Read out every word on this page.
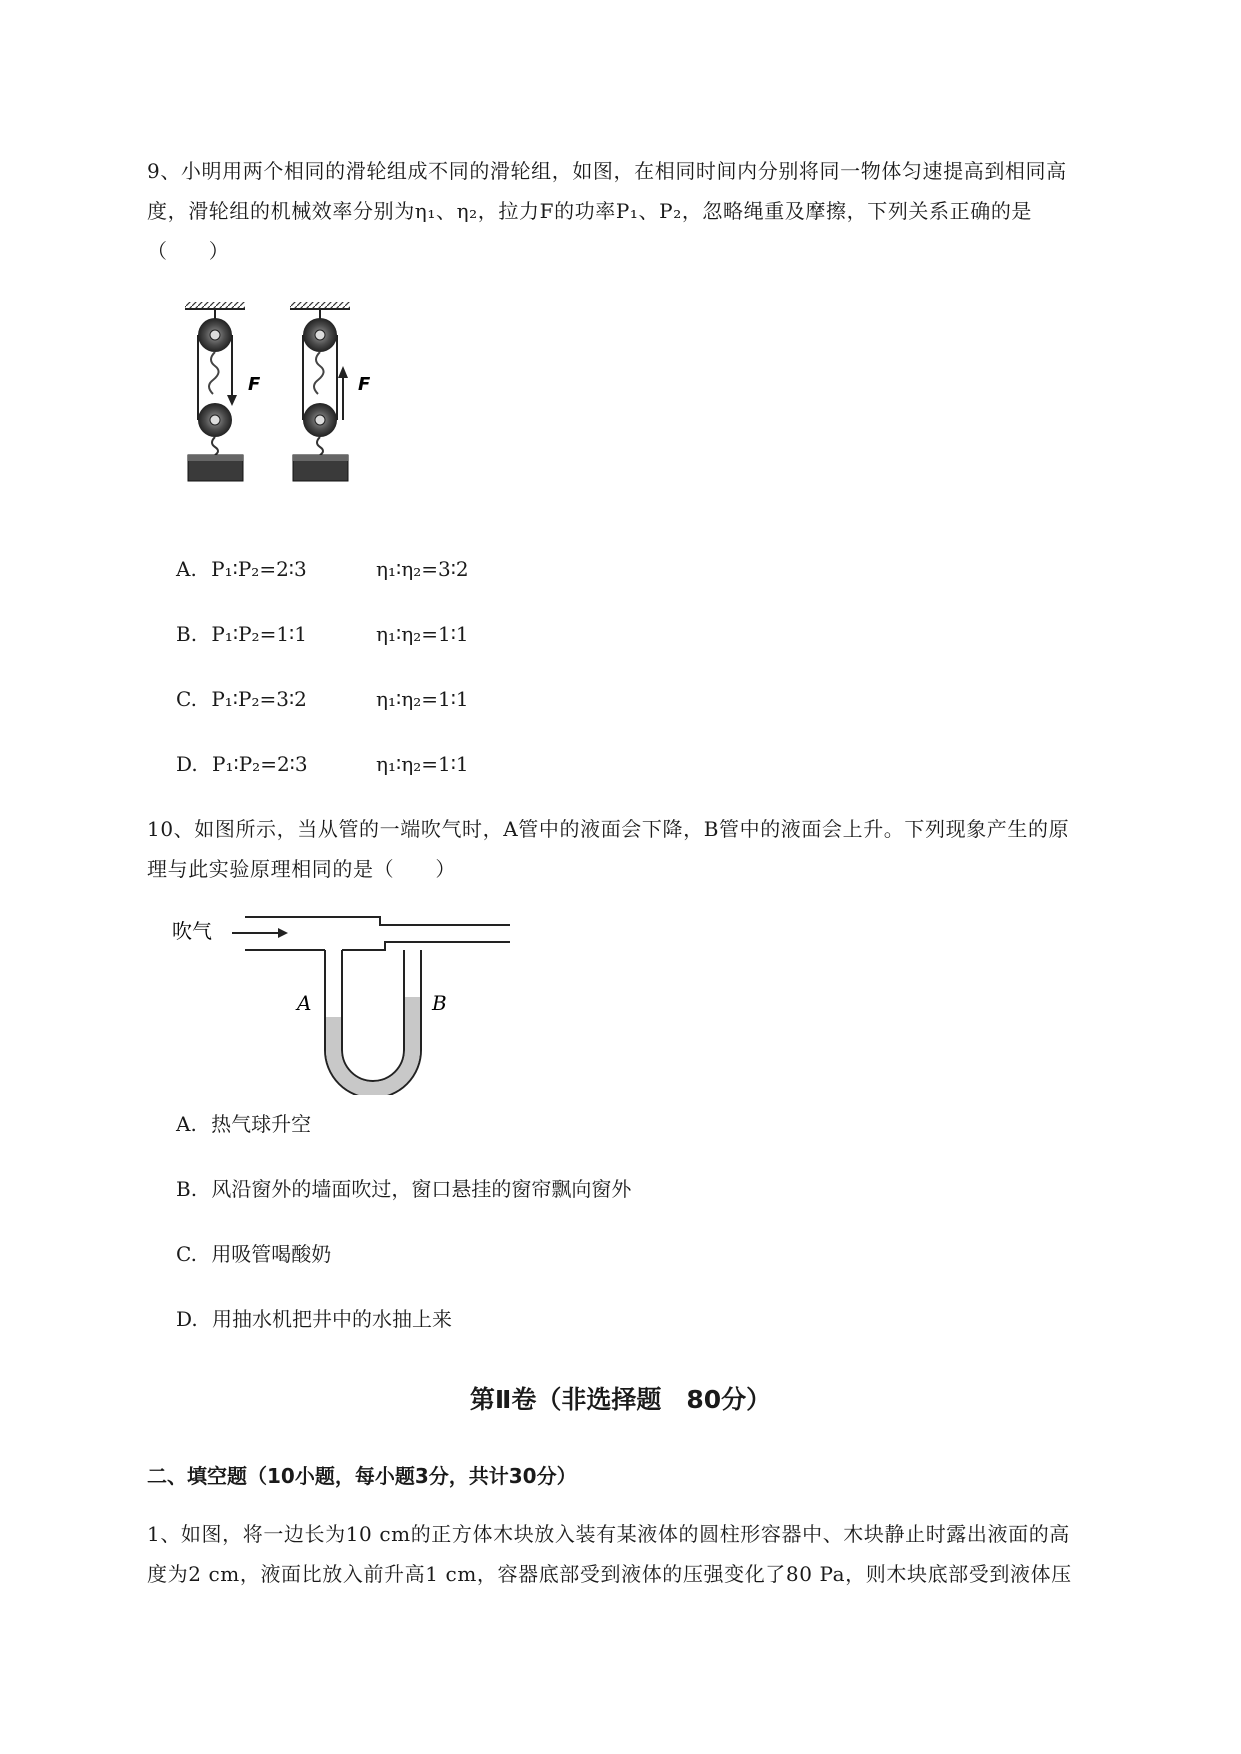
9、小明用两个相同的滑轮组成不同的滑轮组，如图，在相同时间内分别将同一物体匀速提高到相同高
度，滑轮组的机械效率分别为η₁、η₂，拉力F的功率P₁、P₂，忽略绳重及摩擦，下列关系正确的是
（　　）
F	F
A. P₁∶P₂=2∶3	η₁∶η₂=3∶2
B. P₁∶P₂=1∶1	η₁∶η₂=1∶1
C. P₁∶P₂=3∶2	η₁∶η₂=1∶1
D. P₁∶P₂=2∶3	η₁∶η₂=1∶1
10、如图所示，当从管的一端吹气时，A管中的液面会下降，B管中的液面会上升。下列现象产生的原
理与此实验原理相同的是（　　）
吹气
A	B
A. 热气球升空
B. 风沿窗外的墙面吹过，窗口悬挂的窗帘飘向窗外
C. 用吸管喝酸奶
D. 用抽水机把井中的水抽上来
第Ⅱ卷（非选择题　80分）
二、填空题（10小题，每小题3分，共计30分）
1、如图，将一边长为10 cm的正方体木块放入装有某液体的圆柱形容器中、木块静止时露出液面的高
度为2 cm，液面比放入前升高1 cm，容器底部受到液体的压强变化了80 Pa，则木块底部受到液体压
